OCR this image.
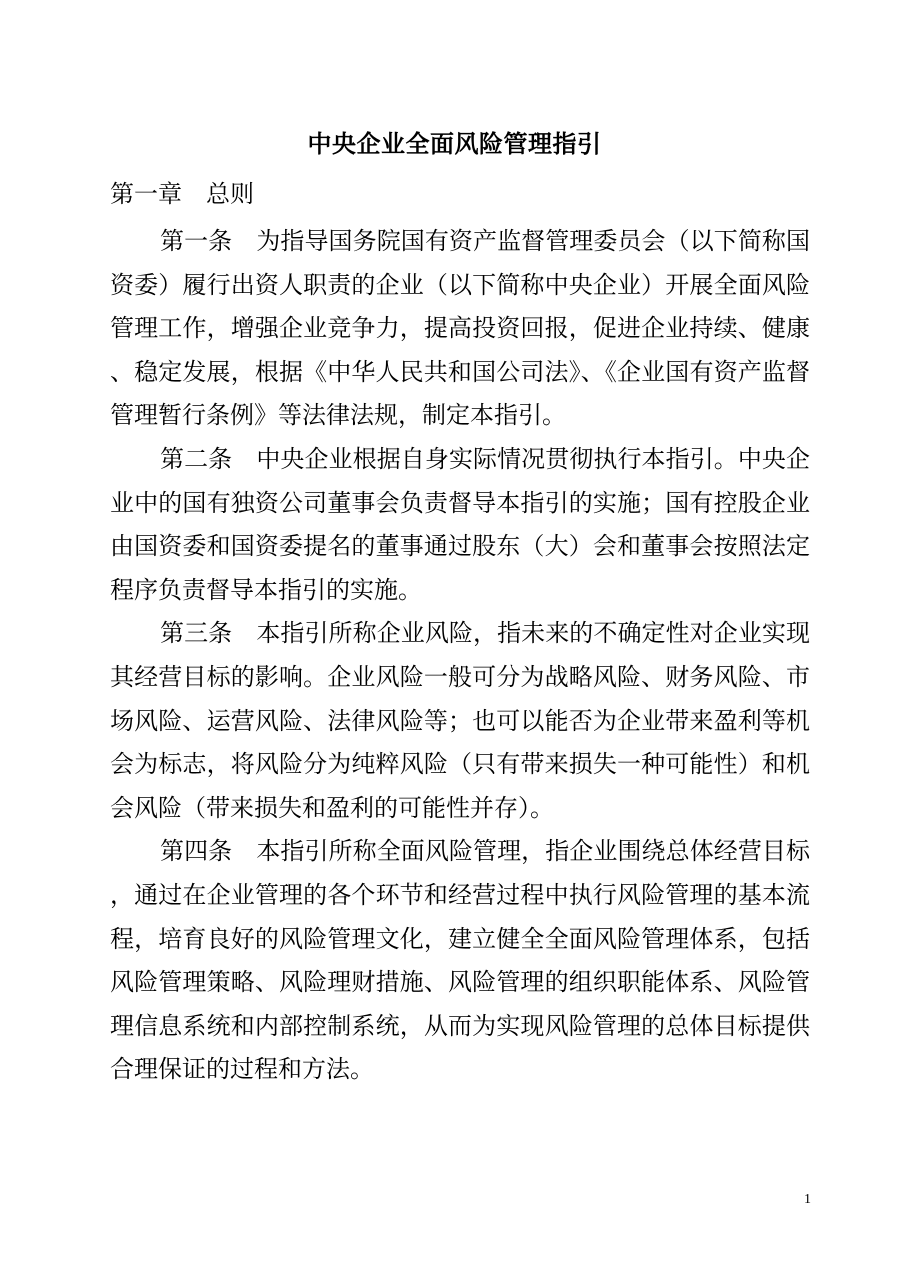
中央企业全面风险管理指引
第一章　总则

第一条　为指导国务院国有资产监督管理委员会（以下简称国资委）履行出资人职责的企业（以下简称中央企业）开展全面风险管理工作，增强企业竞争力，提高投资回报，促进企业持续、健康、稳定发展，根据《中华人民共和国公司法》、《企业国有资产监督管理暂行条例》等法律法规，制定本指引。

第二条　中央企业根据自身实际情况贯彻执行本指引。中央企业中的国有独资公司董事会负责督导本指引的实施；国有控股企业由国资委和国资委提名的董事通过股东（大）会和董事会按照法定程序负责督导本指引的实施。

第三条　本指引所称企业风险，指未来的不确定性对企业实现其经营目标的影响。企业风险一般可分为战略风险、财务风险、市场风险、运营风险、法律风险等；也可以能否为企业带来盈利等机会为标志，将风险分为纯粹风险（只有带来损失一种可能性）和机会风险（带来损失和盈利的可能性并存）。

第四条　本指引所称全面风险管理，指企业围绕总体经营目标，通过在企业管理的各个环节和经营过程中执行风险管理的基本流程，培育良好的风险管理文化，建立健全全面风险管理体系，包括风险管理策略、风险理财措施、风险管理的组织职能体系、风险管理信息系统和内部控制系统，从而为实现风险管理的总体目标提供合理保证的过程和方法。

1
